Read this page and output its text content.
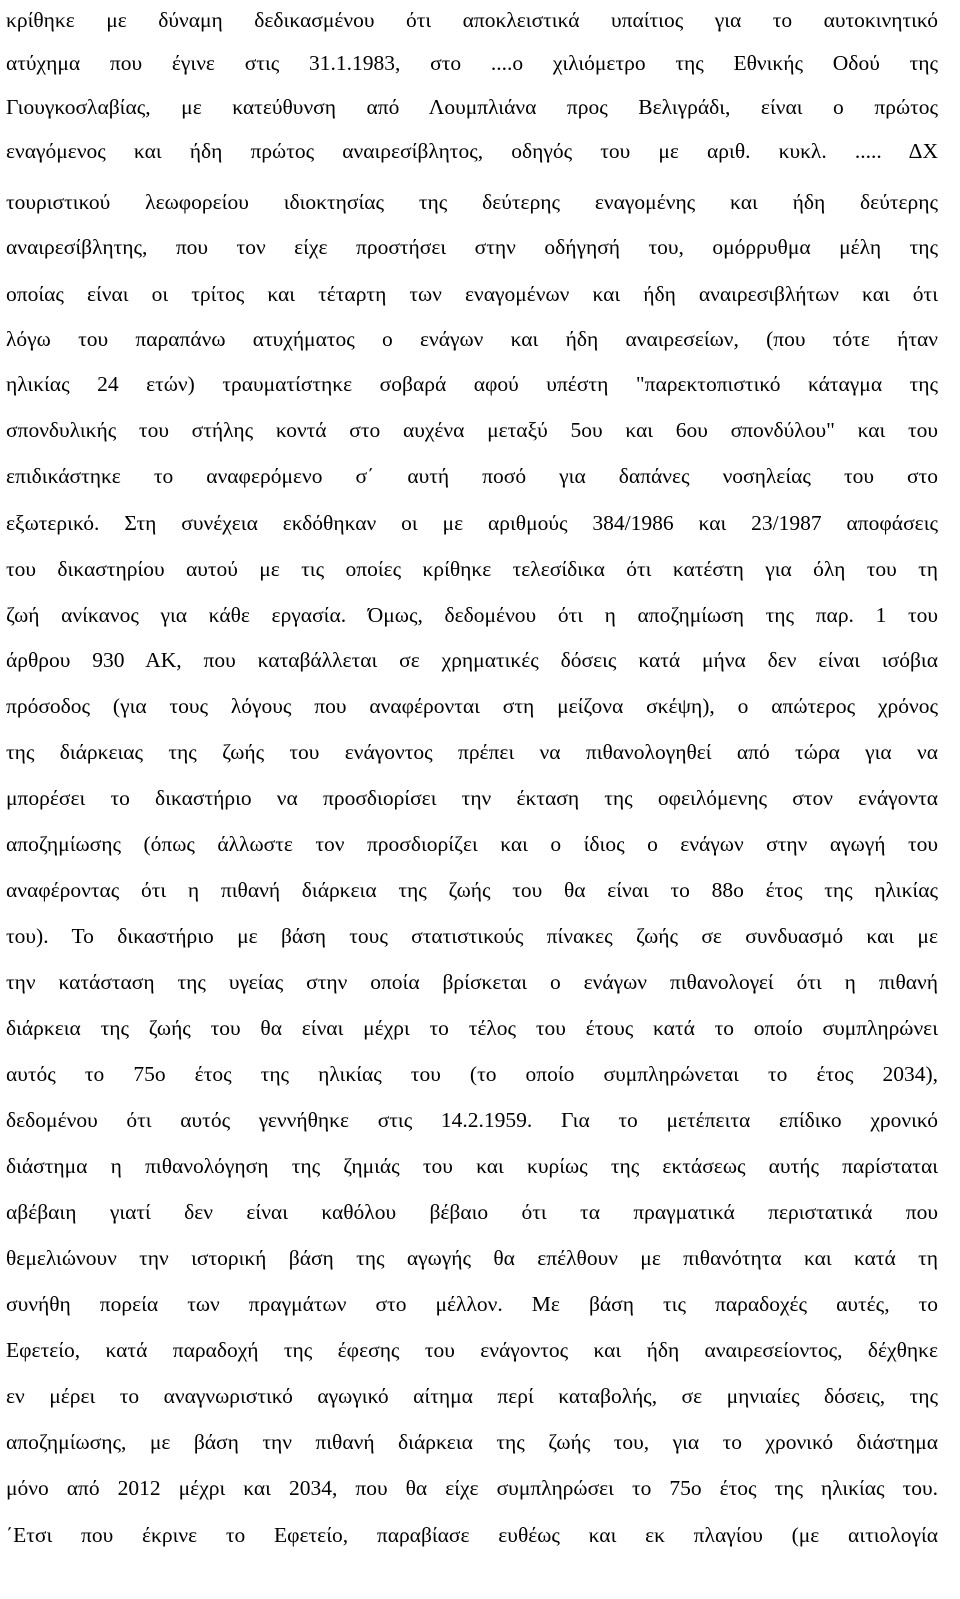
κρίθηκε με δύναμη δεδικασμένου ότι αποκλειστικά υπαίτιος για το αυτοκινητικό
ατύχημα που έγινε στις 31.1.1983, στο ....ο χιλιόμετρο της Εθνικής Οδού της
Γιουγκοσλαβίας, με κατεύθυνση από Λουμπλιάνα προς Βελιγράδι, είναι ο πρώτος
εναγόμενος και ήδη πρώτος αναιρεσίβλητος, οδηγός του με αριθ. κυκλ. ..... ΔΧ
τουριστικού λεωφορείου ιδιοκτησίας της δεύτερης εναγομένης και ήδη δεύτερης
αναιρεσίβλητης, που τον είχε προστήσει στην οδήγησή του, ομόρρυθμα μέλη της
οποίας είναι οι τρίτος και τέταρτη των εναγομένων και ήδη αναιρεσιβλήτων και ότι
λόγω του παραπάνω ατυχήματος ο ενάγων και ήδη αναιρεσείων, (που τότε ήταν
ηλικίας 24 ετών) τραυματίστηκε σοβαρά αφού υπέστη "παρεκτοπιστικό κάταγμα της
σπονδυλικής του στήλης κοντά στο αυχένα μεταξύ 5ου και 6ου σπονδύλου" και του
επιδικάστηκε το αναφερόμενο σ΄ αυτή ποσό για δαπάνες νοσηλείας του στο
εξωτερικό. Στη συνέχεια εκδόθηκαν οι με αριθμούς 384/1986 και 23/1987 αποφάσεις
του δικαστηρίου αυτού με τις οποίες κρίθηκε τελεσίδικα ότι κατέστη για όλη του τη
ζωή ανίκανος για κάθε εργασία. Όμως, δεδομένου ότι η αποζημίωση της παρ. 1 του
άρθρου 930 ΑΚ, που καταβάλλεται σε χρηματικές δόσεις κατά μήνα δεν είναι ισόβια
πρόσοδος (για τους λόγους που αναφέρονται στη μείζονα σκέψη), ο απώτερος χρόνος
της διάρκειας της ζωής του ενάγοντος πρέπει να πιθανολογηθεί από τώρα για να
μπορέσει το δικαστήριο να προσδιορίσει την έκταση της οφειλόμενης στον ενάγοντα
αποζημίωσης (όπως άλλωστε τον προσδιορίζει και ο ίδιος ο ενάγων στην αγωγή του
αναφέροντας ότι η πιθανή διάρκεια της ζωής του θα είναι το 88ο έτος της ηλικίας
του). Το δικαστήριο με βάση τους στατιστικούς πίνακες ζωής σε συνδυασμό και με
την κατάσταση της υγείας στην οποία βρίσκεται ο ενάγων πιθανολογεί ότι η πιθανή
διάρκεια της ζωής του θα είναι μέχρι το τέλος του έτους κατά το οποίο συμπληρώνει
αυτός το 75ο έτος της ηλικίας του (το οποίο συμπληρώνεται το έτος 2034),
δεδομένου ότι αυτός γεννήθηκε στις 14.2.1959. Για το μετέπειτα επίδικο χρονικό
διάστημα η πιθανολόγηση της ζημιάς του και κυρίως της εκτάσεως αυτής παρίσταται
αβέβαιη γιατί δεν είναι καθόλου βέβαιο ότι τα πραγματικά περιστατικά που
θεμελιώνουν την ιστορική βάση της αγωγής θα επέλθουν με πιθανότητα και κατά τη
συνήθη πορεία των πραγμάτων στο μέλλον. Με βάση τις παραδοχές αυτές, το
Εφετείο, κατά παραδοχή της έφεσης του ενάγοντος και ήδη αναιρεσείοντος, δέχθηκε
εν μέρει το αναγνωριστικό αγωγικό αίτημα περί καταβολής, σε μηνιαίες δόσεις, της
αποζημίωσης, με βάση την πιθανή διάρκεια της ζωής του, για το χρονικό διάστημα
μόνο από 2012 μέχρι και 2034, που θα είχε συμπληρώσει το 75ο έτος της ηλικίας του.
΄Ετσι που έκρινε το Εφετείο, παραβίασε ευθέως και εκ πλαγίου (με αιτιολογία
